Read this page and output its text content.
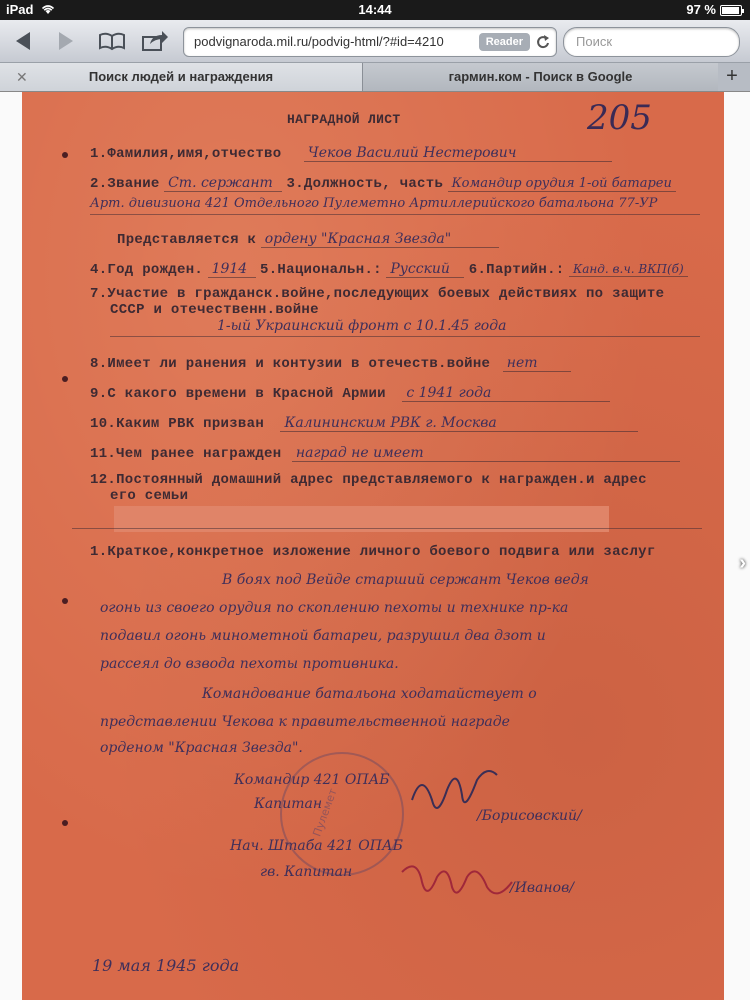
iPad	14:44	97 %
podvignaroda.mil.ru/podvig-html/?#id=4210	Reader	Поиск
✕	Поиск людей и награждения	гармин.ком - Поиск в Google	+
НАГРАДНОЙ ЛИСТ	205
1.Фамилия,имя,отчество Чеков Василий Нестерович
2.Звание Ст. сержант 3.Должность, часть Командир орудия 1-ой батареи
Арт. дивизиона 421 Отдельного Пулеметно Артиллерийского батальона 77-УР
Представляется к ордену "Красная Звезда"
4.Год рожден. 1914 5.Национальн.: Русский 6.Партийн.: Канд. в.ч. ВКП(б)
7.Участие в гражданск.войне,последующих боевых действиях по защите
СССР и отечественн.войне
1-ый Украинский фронт с 10.1.45 года
8.Имеет ли ранения и контузии в отечеств.войне нет
9.С какого времени в Красной Армии с 1941 года
10.Каким РВК призван Калининским РВК г. Москва
11.Чем ранее награжден наград не имеет
12.Постоянный домашний адрес представляемого к награжден.и адрес
его семьи
1.Краткое,конкретное изложение личного боевого подвига или заслуг
В боях под Вейде старший сержант Чеков ведя
огонь из своего орудия по скоплению пехоты и технике пр-ка
подавил огонь минометной батареи, разрушил два дзот и
рассеял до взвода пехоты противника.
Командование батальона ходатайствует о
представлении Чекова к правительственной награде
орденом "Красная Звезда".
Пулемет
Командир 421 ОПАБ
Капитан
/Борисовский/
Нач. Штаба 421 ОПАБ
гв. Капитан
/Иванов/
19 мая 1945 года
›
